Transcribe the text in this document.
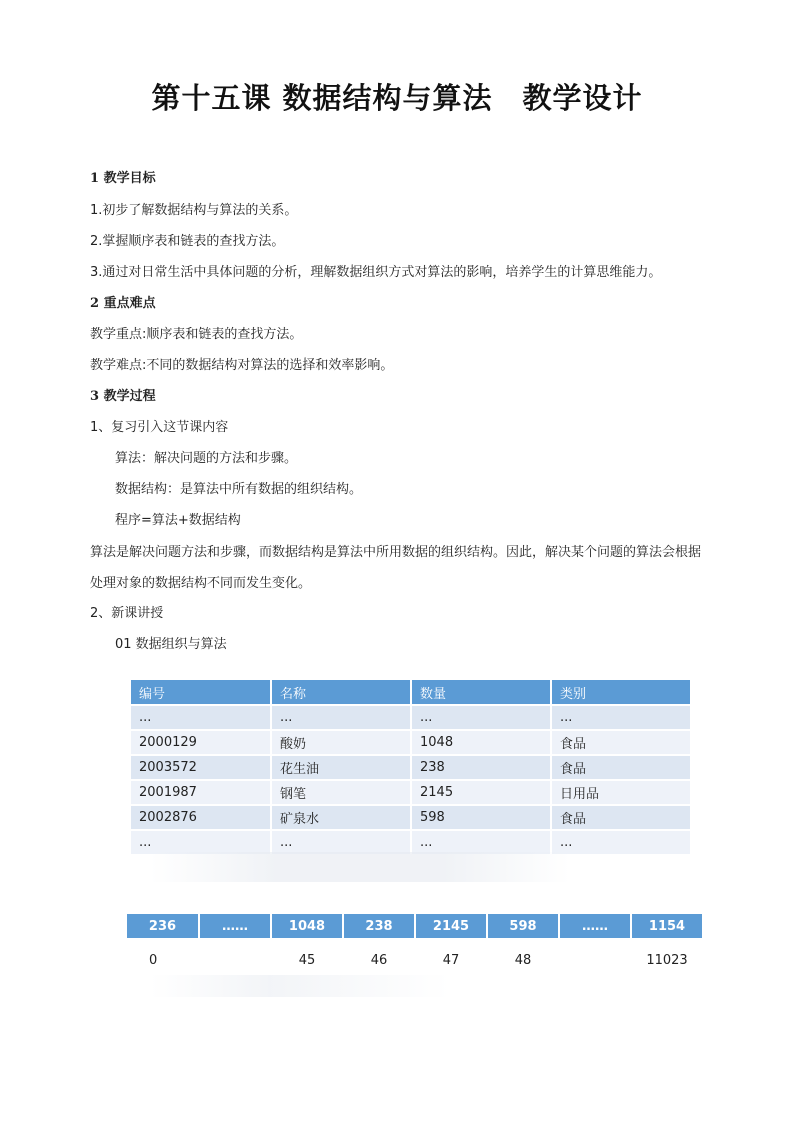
第十五课 数据结构与算法　教学设计
1 教学目标
1.初步了解数据结构与算法的关系。
2.掌握顺序表和链表的查找方法。
3.通过对日常生活中具体问题的分析，理解数据组织方式对算法的影响，培养学生的计算思维能力。
2 重点难点
教学重点:顺序表和链表的查找方法。
教学难点:不同的数据结构对算法的选择和效率影响。
3 教学过程
1、复习引入这节课内容
算法：解决问题的方法和步骤。
数据结构：是算法中所有数据的组织结构。
程序=算法+数据结构
算法是解决问题方法和步骤，而数据结构是算法中所用数据的组织结构。因此，解决某个问题的算法会根据处理对象的数据结构不同而发生变化。
2、新课讲授
01 数据组织与算法
编号	名称	数量	类别
...	...	...	...
2000129	酸奶	1048	食品
2003572	花生油	238	食品
2001987	钢笔	2145	日用品
2002876	矿泉水	598	食品
...	...	...	...
236	……	1048	238	2145	598	……	1154
0		45	46	47	48		11023
